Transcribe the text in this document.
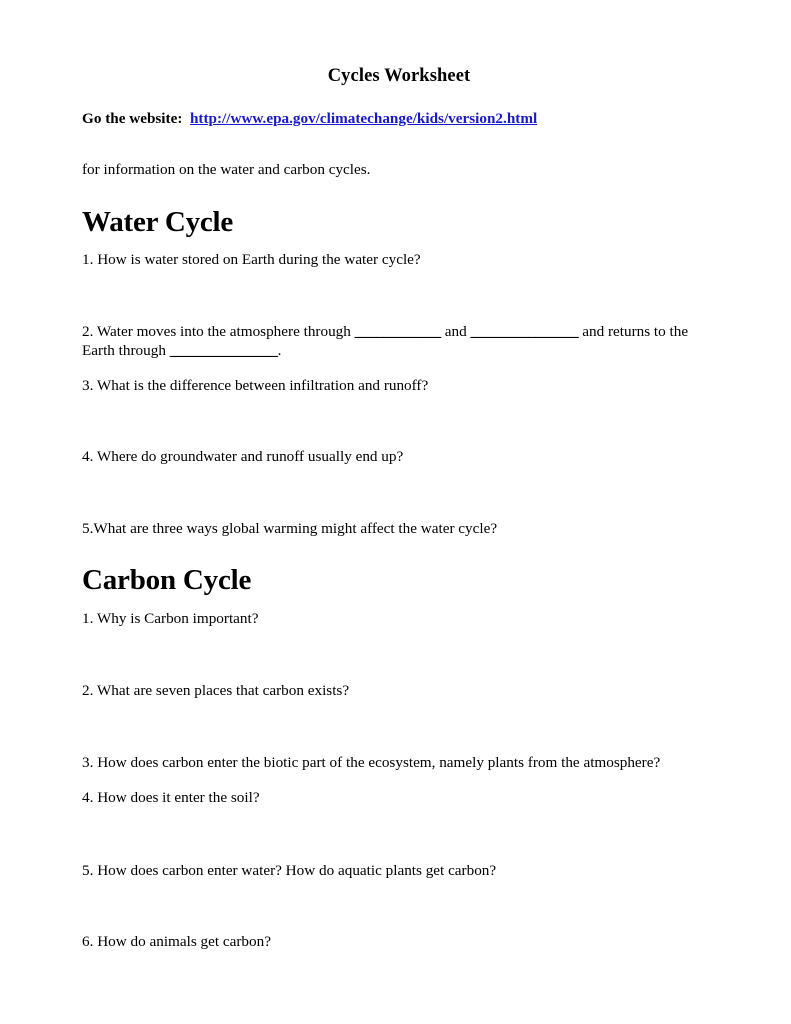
Cycles Worksheet
Go the website: http://www.epa.gov/climatechange/kids/version2.html

for information on the water and carbon cycles.

Water Cycle

1. How is water stored on Earth during the water cycle?

2. Water moves into the atmosphere through ____________ and _______________ and returns to the Earth through _______________.

3. What is the difference between infiltration and runoff?

4. Where do groundwater and runoff usually end up?

5.What are three ways global warming might affect the water cycle?

Carbon Cycle

1. Why is Carbon important?

2. What are seven places that carbon exists?

3. How does carbon enter the biotic part of the ecosystem, namely plants from the atmosphere?

4. How does it enter the soil?

5. How does carbon enter water? How do aquatic plants get carbon?

6. How do animals get carbon?
